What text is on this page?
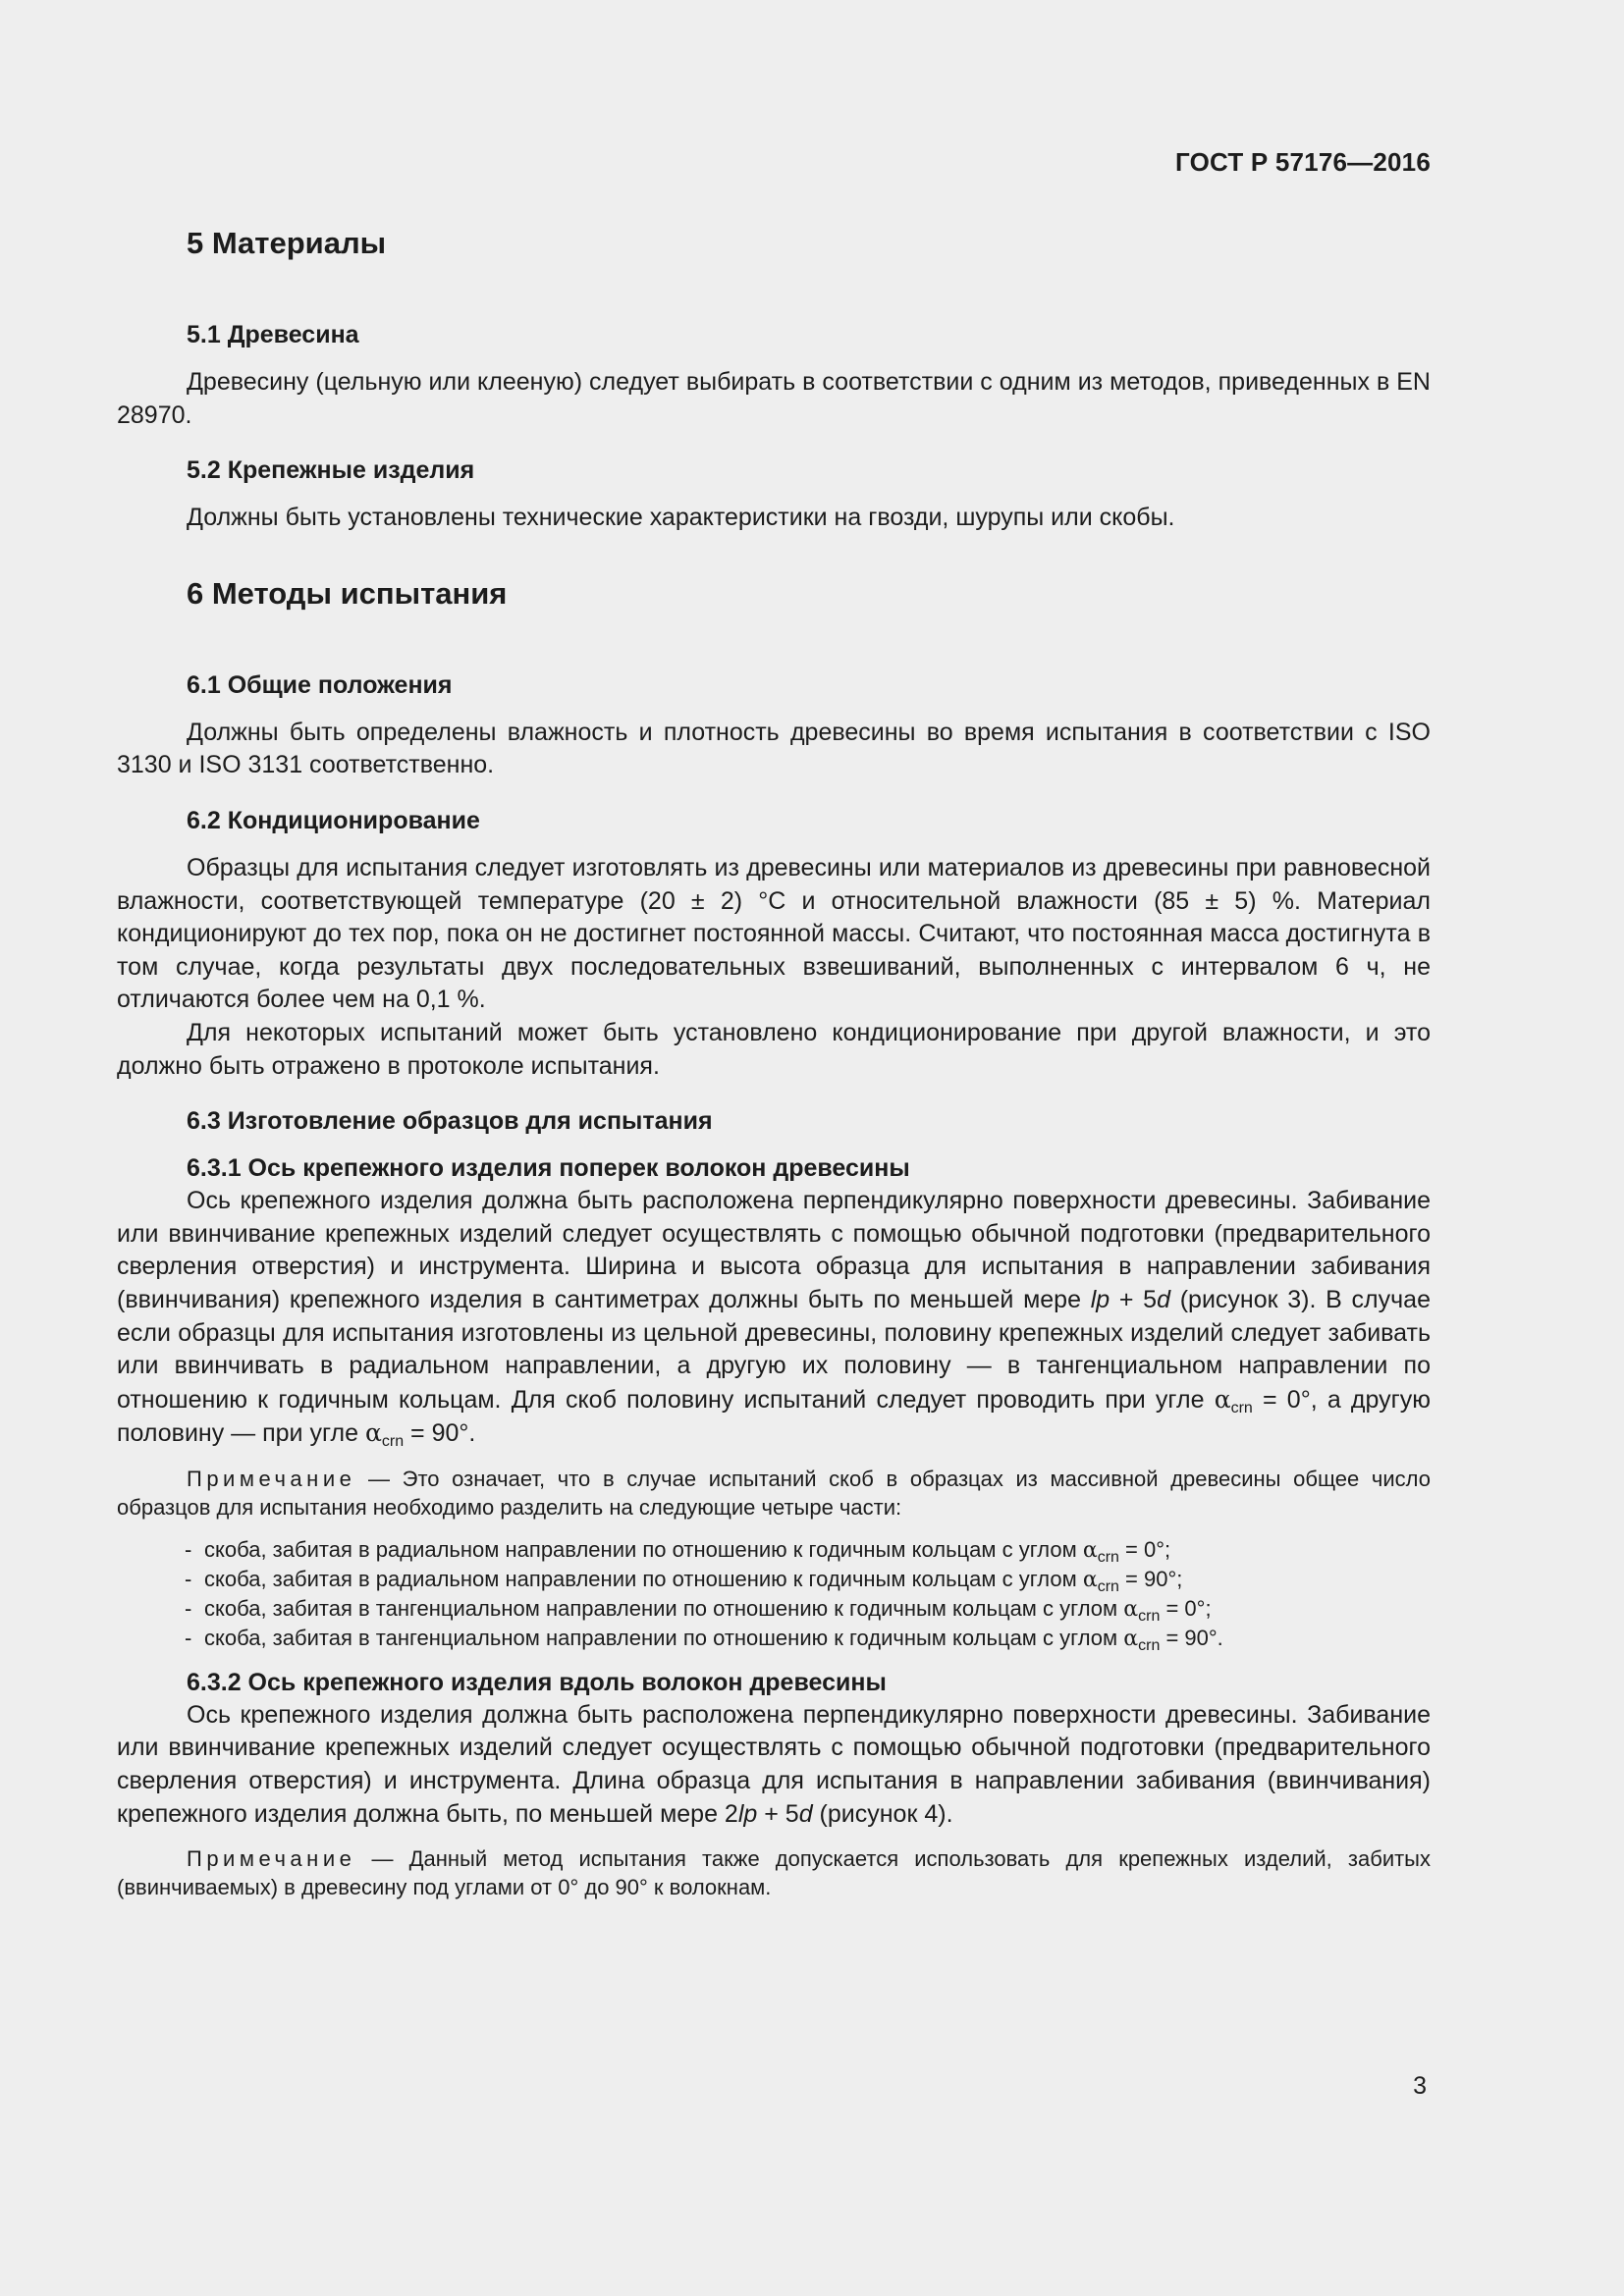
ГОСТ Р 57176—2016
5 Материалы
5.1 Древесина

Древесину (цельную или клееную) следует выбирать в соответствии с одним из методов, приведенных в EN 28970.

5.2 Крепежные изделия

Должны быть установлены технические характеристики на гвозди, шурупы или скобы.

6 Методы испытания
6.1 Общие положения

Должны быть определены влажность и плотность древесины во время испытания в соответствии с ISO 3130 и ISO 3131 соответственно.

6.2 Кондиционирование

Образцы для испытания следует изготовлять из древесины или материалов из древесины при равновесной влажности, соответствующей температуре (20 ± 2) °С и относительной влажности (85 ± 5) %. Материал кондиционируют до тех пор, пока он не достигнет постоянной массы. Считают, что постоянная масса достигнута в том случае, когда результаты двух последовательных взвешиваний, выполненных с интервалом 6 ч, не отличаются более чем на 0,1 %.

Для некоторых испытаний может быть установлено кондиционирование при другой влажности, и это должно быть отражено в протоколе испытания.

6.3 Изготовление образцов для испытания
6.3.1 Ось крепежного изделия поперек волокон древесины

Ось крепежного изделия должна быть расположена перпендикулярно поверхности древесины. Забивание или ввинчивание крепежных изделий следует осуществлять с помощью обычной подготовки (предварительного сверления отверстия) и инструмента. Ширина и высота образца для испытания в направлении забивания (ввинчивания) крепежного изделия в сантиметрах должны быть по меньшей мере lp + 5d (рисунок 3). В случае если образцы для испытания изготовлены из цельной древесины, половину крепежных изделий следует забивать или ввинчивать в радиальном направлении, а другую их половину — в тангенциальном направлении по отношению к годичным кольцам. Для скоб половину испытаний следует проводить при угле $\alpha_{crn} = 0^\circ$, а другую половину — при угле $\alpha_{crn} = 90^\circ$.

Примечание — Это означает, что в случае испытаний скоб в образцах из массивной древесины общее число образцов для испытания необходимо разделить на следующие четыре части:

- скоба, забитая в радиальном направлении по отношению к годичным кольцам с углом $\alpha_{crn} = 0^\circ$;
- скоба, забитая в радиальном направлении по отношению к годичным кольцам с углом $\alpha_{crn} = 90^\circ$;
- скоба, забитая в тангенциальном направлении по отношению к годичным кольцам с углом $\alpha_{crn} = 0^\circ$;
- скоба, забитая в тангенциальном направлении по отношению к годичным кольцам с углом $\alpha_{crn} = 90^\circ$.
6.3.2 Ось крепежного изделия вдоль волокон древесины

Ось крепежного изделия должна быть расположена перпендикулярно поверхности древесины. Забивание или ввинчивание крепежных изделий следует осуществлять с помощью обычной подготовки (предварительного сверления отверстия) и инструмента. Длина образца для испытания в направлении забивания (ввинчивания) крепежного изделия должна быть, по меньшей мере 2lp + 5d (рисунок 4).

Примечание — Данный метод испытания также допускается использовать для крепежных изделий, забитых (ввинчиваемых) в древесину под углами от 0° до 90° к волокнам.

3
